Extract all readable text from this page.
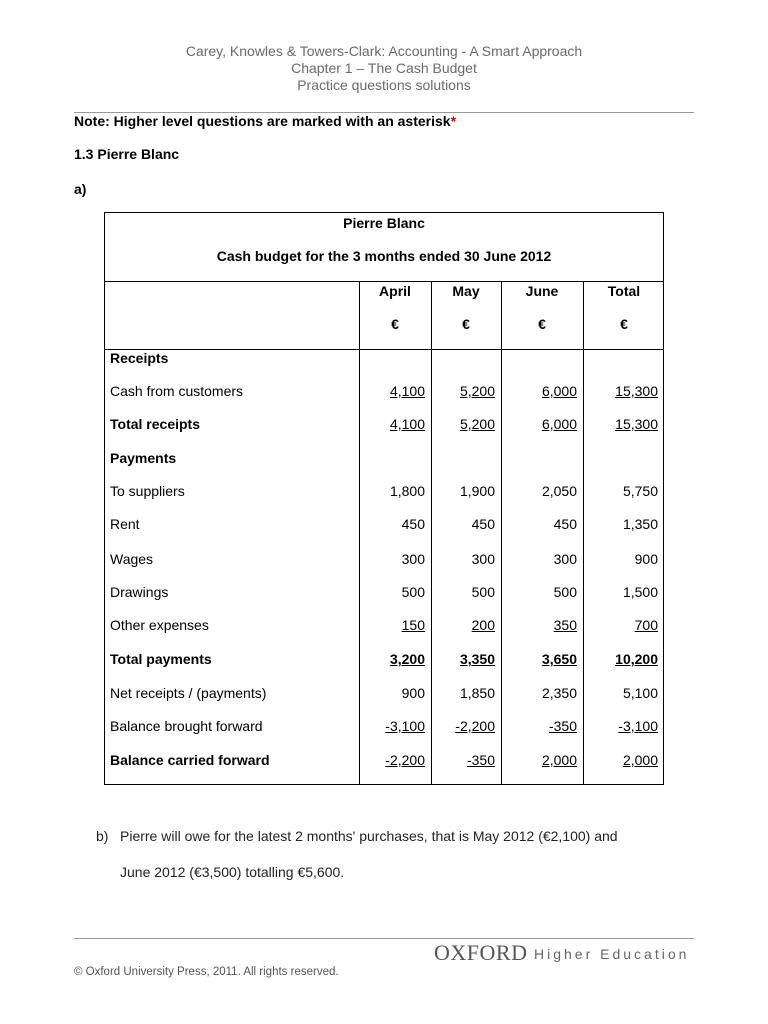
Carey, Knowles & Towers-Clark: Accounting - A Smart Approach
Chapter 1 – The Cash Budget
Practice questions solutions
Note: Higher level questions are marked with an asterisk*
1.3 Pierre Blanc
a)
Pierre Blanc
Cash budget for the 3 months ended 30 June 2012
April	May	June	Total
€	€	€	€
Receipts
Cash from customers	4,100 5,200	6,000	15,300
Total receipts	4,100 5,200	6,000	15,300
Payments
To suppliers	1,800 1,900	2,050	5,750
Rent	450	450	450	1,350
Wages	300	300	300	900
Drawings	500	500	500	1,500
Other expenses	150	200	350	700
Total payments	3,200 3,350	3,650	10,200
Net receipts / (payments)	900 1,850	2,350	5,100
Balance brought forward	-3,100 -2,200	-350	-3,100
Balance carried forward	-2,200	-350	2,000	2,000
b) Pierre will owe for the latest 2 months' purchases, that is May 2012 (€2,100) and
June 2012 (€3,500) totalling €5,600.
OXFORD Higher Education
© Oxford University Press, 2011. All rights reserved.
